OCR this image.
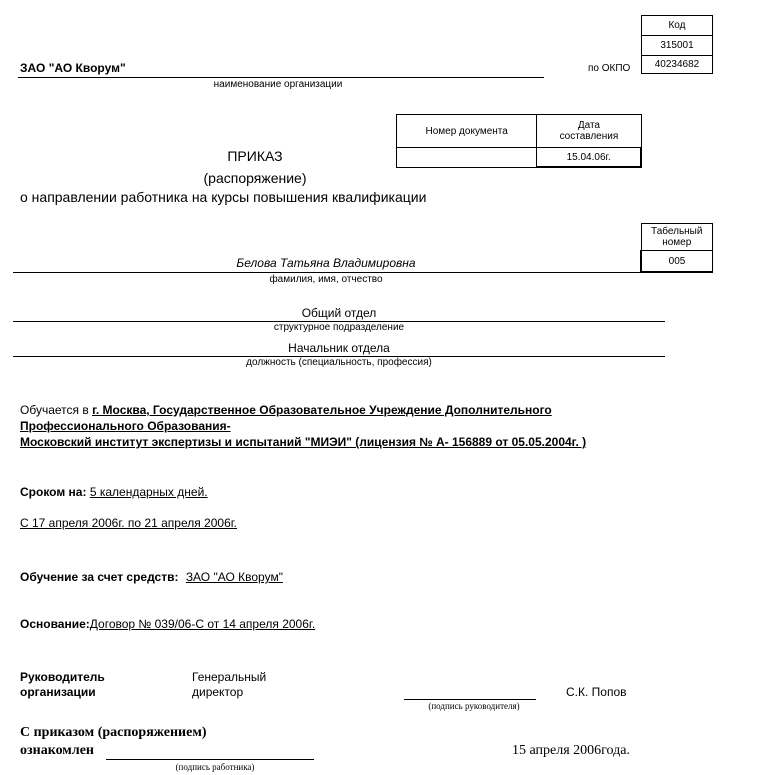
Код
315001
40234682
по ОКПО
ЗАО "АО Кворум"
наименование организации
Номер документа	Дата составления
	15.04.06г.
ПРИКАЗ
(распоряжение)
о направлении работника на курсы повышения квалификации
Табельный номер
005
Белова Татьяна Владимировна
фамилия, имя, отчество
Общий отдел
структурное подразделение
Начальник отдела
должность (специальность, профессия)
Обучается в г. Москва, Государственное Образовательное Учреждение Дополнительного
Профессионального Образования-
Московский институт экспертизы и испытаний "МИЭИ" (лицензия № А- 156889 от 05.05.2004г. )
Сроком на: 5 календарных дней.
С 17 апреля 2006г. по 21 апреля 2006г.
Обучение за счет средств: ЗАО "АО Кворум"
Основание:Договор № 039/06-С от 14 апреля 2006г.
Руководитель
организации
Генеральный
директор
(подпись руководителя)
С.К. Попов
С приказом (распоряжением)
ознакомлен
(подпись работника)
15 апреля 2006года.
